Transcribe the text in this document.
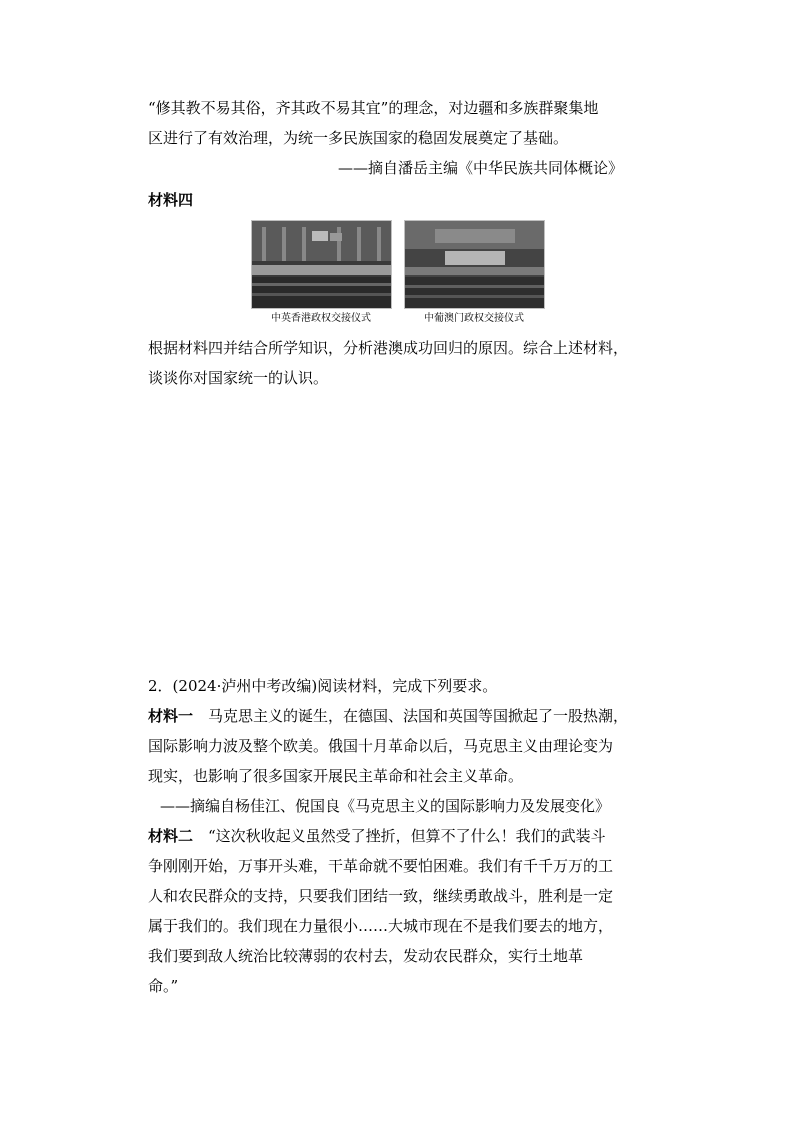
“修其教不易其俗，齐其政不易其宜”的理念，对边疆和多族群聚集地
区进行了有效治理，为统一多民族国家的稳固发展奠定了基础。
——摘自潘岳主编《中华民族共同体概论》
材料四
中英香港政权交接仪式	中葡澳门政权交接仪式
根据材料四并结合所学知识，分析港澳成功回归的原因。综合上述材料，
谈谈你对国家统一的认识。
2．(2024·泸州中考改编)阅读材料，完成下列要求。
材料一　马克思主义的诞生，在德国、法国和英国等国掀起了一股热潮，
国际影响力波及整个欧美。俄国十月革命以后，马克思主义由理论变为
现实，也影响了很多国家开展民主革命和社会主义革命。
——摘编自杨佳江、倪国良《马克思主义的国际影响力及发展变化》
材料二　“这次秋收起义虽然受了挫折，但算不了什么！我们的武装斗
争刚刚开始，万事开头难，干革命就不要怕困难。我们有千千万万的工
人和农民群众的支持，只要我们团结一致，继续勇敢战斗，胜利是一定
属于我们的。我们现在力量很小……大城市现在不是我们要去的地方，
我们要到敌人统治比较薄弱的农村去，发动农民群众，实行土地革
命。”
